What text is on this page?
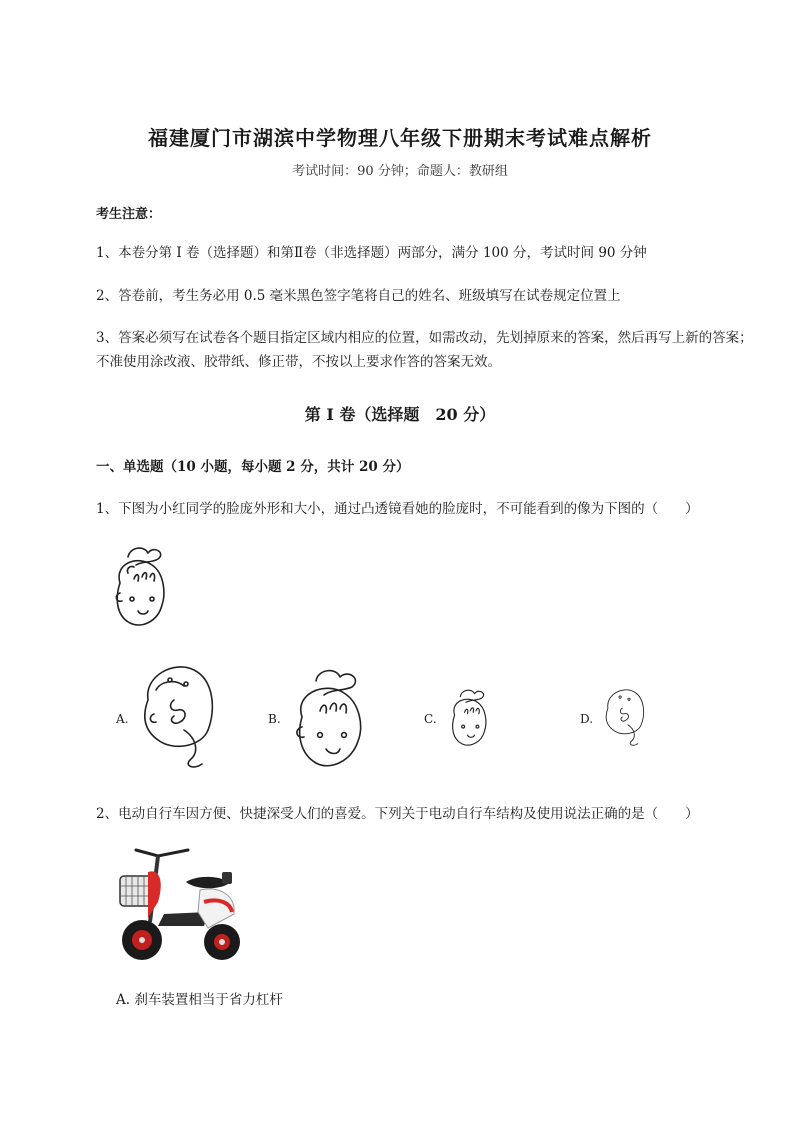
福建厦门市湖滨中学物理八年级下册期末考试难点解析
考试时间：90 分钟；命题人：教研组
考生注意：
1、本卷分第 I 卷（选择题）和第Ⅱ卷（非选择题）两部分，满分 100 分，考试时间 90 分钟
2、答卷前，考生务必用 0.5 毫米黑色签字笔将自己的姓名、班级填写在试卷规定位置上
3、答案必须写在试卷各个题目指定区域内相应的位置，如需改动，先划掉原来的答案，然后再写上新的答案；不准使用涂改液、胶带纸、修正带，不按以上要求作答的答案无效。
第 I 卷（选择题　20 分）
一、单选题（10 小题，每小题 2 分，共计 20 分）
1、下图为小红同学的脸庞外形和大小，通过凸透镜看她的脸庞时，不可能看到的像为下图的（　　）
A.	B.	C.	D.
2、电动自行车因方便、快捷深受人们的喜爱。下列关于电动自行车结构及使用说法正确的是（　　）
A. 刹车装置相当于省力杠杆
